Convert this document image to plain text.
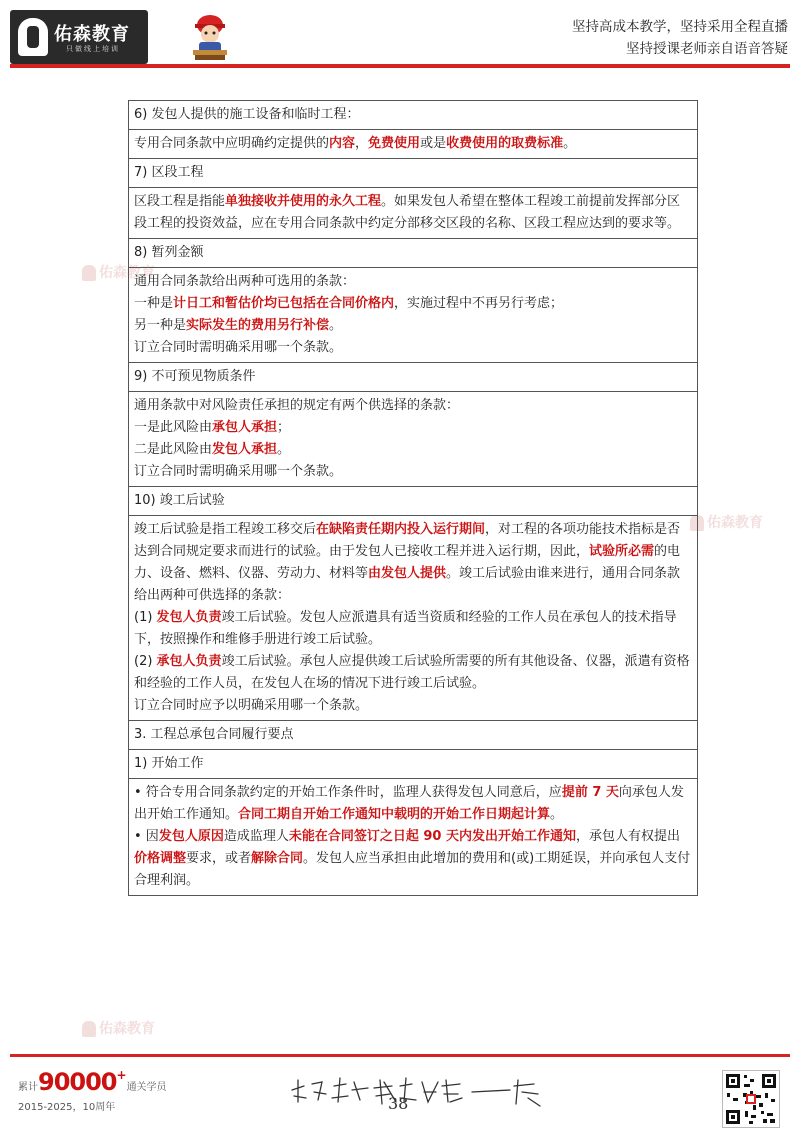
佑森教育
只做线上培训
坚持高成本教学，坚持采用全程直播
坚持授课老师亲自语音答疑
佑森教育
佑森教育
佑森教育
6) 发包人提供的施工设备和临时工程：
专用合同条款中应明确约定提供的内容，免费使用或是收费使用的取费标准。
7) 区段工程
区段工程是指能单独接收并使用的永久工程。如果发包人希望在整体工程竣工前提前发挥部分区段工程的投资效益，应在专用合同条款中约定分部移交区段的名称、区段工程应达到的要求等。
8) 暂列金额
通用合同条款给出两种可选用的条款：
一种是计日工和暂估价均已包括在合同价格内，实施过程中不再另行考虑；
另一种是实际发生的费用另行补偿。
订立合同时需明确采用哪一个条款。
9) 不可预见物质条件
通用条款中对风险责任承担的规定有两个供选择的条款：
一是此风险由承包人承担；
二是此风险由发包人承担。
订立合同时需明确采用哪一个条款。
10) 竣工后试验
竣工后试验是指工程竣工移交后在缺陷责任期内投入运行期间，对工程的各项功能技术指标是否达到合同规定要求而进行的试验。由于发包人已接收工程并进入运行期，因此，试验所必需的电力、设备、燃料、仪器、劳动力、材料等由发包人提供。竣工后试验由谁来进行，通用合同条款给出两种可供选择的条款：
(1) 发包人负责竣工后试验。发包人应派遣具有适当资质和经验的工作人员在承包人的技术指导下，按照操作和维修手册进行竣工后试验。
(2) 承包人负责竣工后试验。承包人应提供竣工后试验所需要的所有其他设备、仪器，派遣有资格和经验的工作人员，在发包人在场的情况下进行竣工后试验。
订立合同时应予以明确采用哪一个条款。
3. 工程总承包合同履行要点
1) 开始工作
• 符合专用合同条款约定的开始工作条件时，监理人获得发包人同意后，应提前 7 天向承包人发出开始工作通知。合同工期自开始工作通知中载明的开始工作日期起计算。
• 因发包人原因造成监理人未能在合同签订之日起 90 天内发出开始工作通知，承包人有权提出价格调整要求，或者解除合同。发包人应当承担由此增加的费用和(或)工期延误，并向承包人支付合理利润。
累计90000+通关学员
2015-2025，10周年	38
